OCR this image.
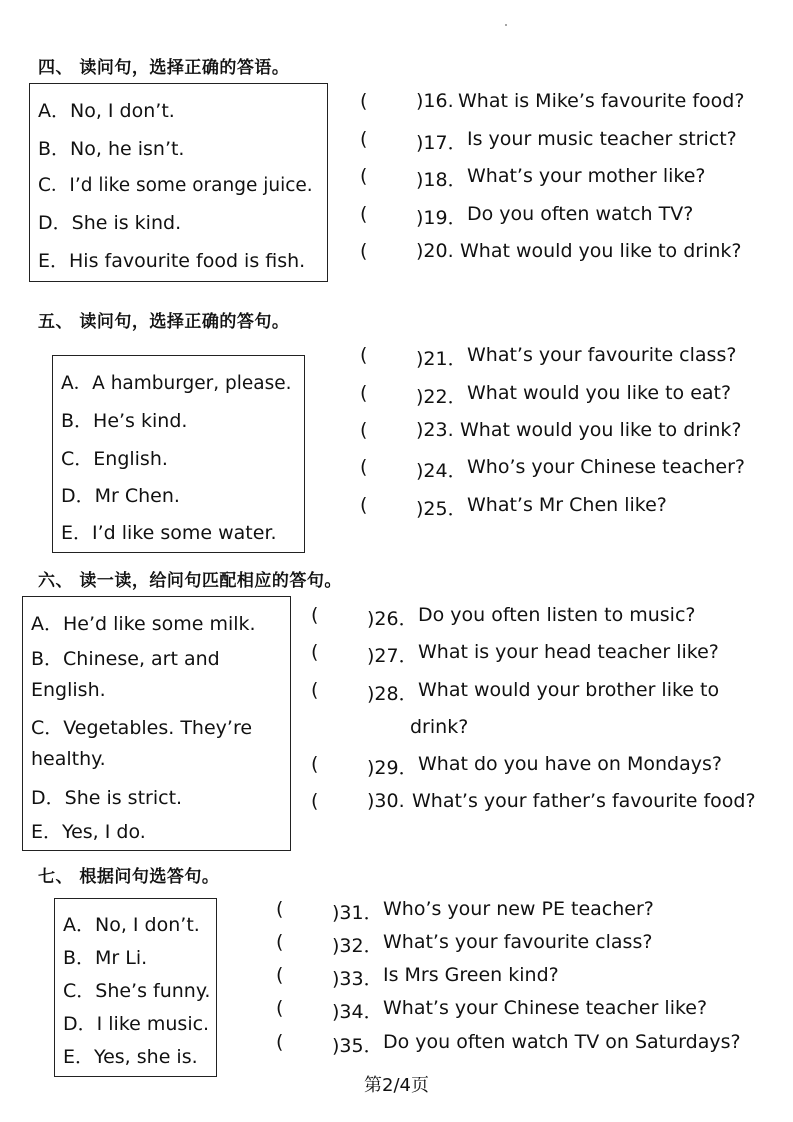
四、 读问句，选择正确的答语。
A．No, I don’t.
B．No, he isn’t.
C．I’d like some orange juice.
D．She is kind.
E．His favourite food is fish.
(	)16. What is Mike’s favourite food?
(	)17． Is your music teacher strict?
(	)18． What’s your mother like?
(	)19． Do you often watch TV?
(	)20. What would you like to drink?
五、 读问句，选择正确的答句。
A．A hamburger, please.
B．He’s kind.
C．English.
D．Mr Chen.
E．I’d like some water.
(	)21． What’s your favourite class?
(	)22． What would you like to eat?
(	)23. What would you like to drink?
(	)24． Who’s your Chinese teacher?
(	)25． What’s Mr Chen like?
六、 读一读，给问句匹配相应的答句。
A．He’d like some milk.
B．Chinese, art and
English.
C．Vegetables. They’re
healthy.
D．She is strict.
E．Yes, I do.
(	)26． Do you often listen to music?
(	)27． What is your head teacher like?
(	)28． What would your brother like to
drink?
(	)29． What do you have on Mondays?
(	)30. What’s your father’s favourite food?
七、 根据问句选答句。
A．No, I don’t.
B．Mr Li.
C．She’s funny.
D．I like music.
E．Yes, she is.
(	)31． Who’s your new PE teacher?
(	)32． What’s your favourite class?
(	)33． Is Mrs Green kind?
(	)34． What’s your Chinese teacher like?
(	)35． Do you often watch TV on Saturdays?
第2/4页
